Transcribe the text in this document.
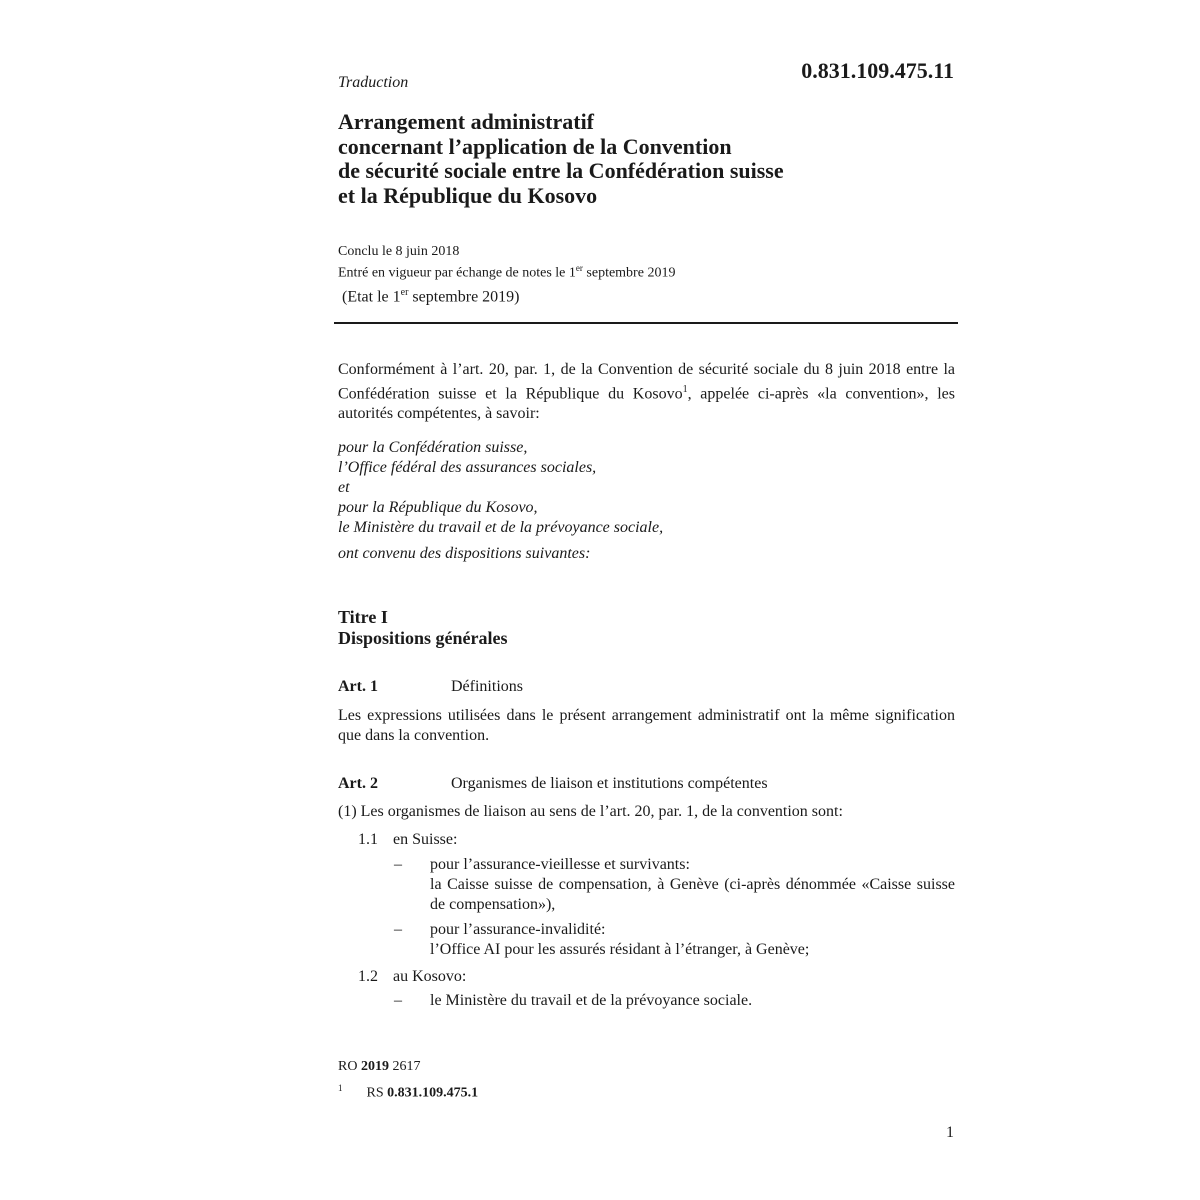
0.831.109.475.11
Traduction
Arrangement administratif
concernant l’application de la Convention
de sécurité sociale entre la Confédération suisse
et la République du Kosovo
Conclu le 8 juin 2018
Entré en vigueur par échange de notes le 1er septembre 2019
(Etat le 1er septembre 2019)
Conformément à l’art. 20, par. 1, de la Convention de sécurité sociale du 8 juin 2018 entre la Confédération suisse et la République du Kosovo$^1$, appelée ci-après «la convention», les autorités compétentes, à savoir:
pour la Confédération suisse,
l’Office fédéral des assurances sociales,
et
pour la République du Kosovo,
le Ministère du travail et de la prévoyance sociale,
ont convenu des dispositions suivantes:
Titre I
Dispositions générales
Art. 1	Définitions
Les expressions utilisées dans le présent arrangement administratif ont la même signification que dans la convention.
Art. 2	Organismes de liaison et institutions compétentes
(1) Les organismes de liaison au sens de l’art. 20, par. 1, de la convention sont:
1.1 en Suisse:
– pour l’assurance-vieillesse et survivants:
la Caisse suisse de compensation, à Genève (ci-après dénommée «Caisse suisse de compensation»),
– pour l’assurance-invalidité:
l’Office AI pour les assurés résidant à l’étranger, à Genève;
1.2 au Kosovo:
– le Ministère du travail et de la prévoyance sociale.
RO 2019 2617
$^1$ RS 0.831.109.475.1
1
